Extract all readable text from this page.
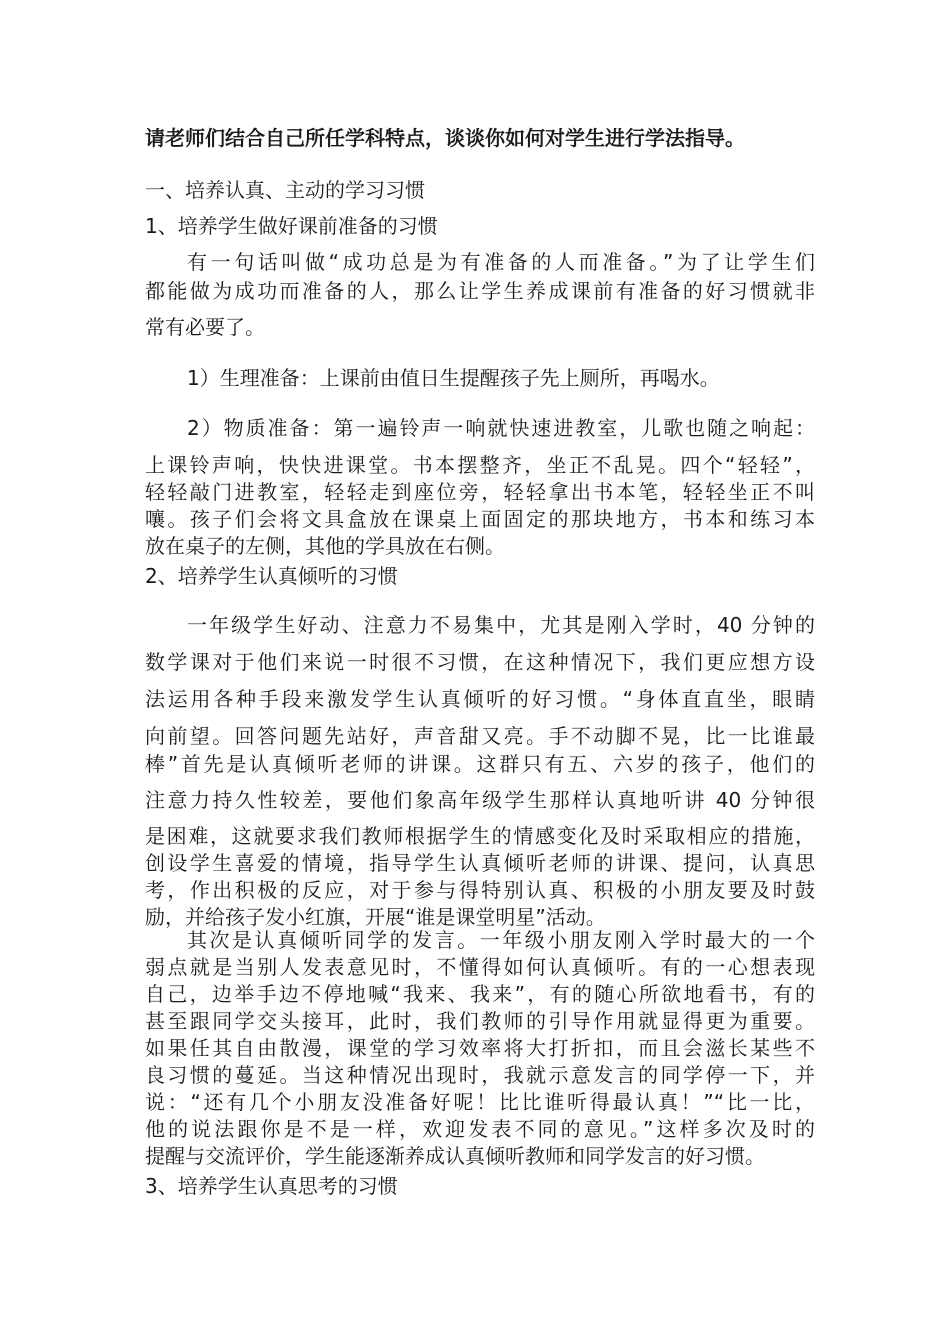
请老师们结合自己所任学科特点，谈谈你如何对学生进行学法指导。
一、培养认真、主动的学习习惯
1、培养学生做好课前准备的习惯
有一句话叫做“成功总是为有准备的人而准备。”为了让学生们
都能做为成功而准备的人，那么让学生养成课前有准备的好习惯就非
常有必要了。
1）生理准备：上课前由值日生提醒孩子先上厕所，再喝水。
2）物质准备：第一遍铃声一响就快速进教室，儿歌也随之响起：
上课铃声响，快快进课堂。书本摆整齐，坐正不乱晃。四个“轻轻”，
轻轻敲门进教室，轻轻走到座位旁，轻轻拿出书本笔，轻轻坐正不叫
嚷。孩子们会将文具盒放在课桌上面固定的那块地方，书本和练习本
放在桌子的左侧，其他的学具放在右侧。
2、培养学生认真倾听的习惯
一年级学生好动、注意力不易集中，尤其是刚入学时，40 分钟的
数学课对于他们来说一时很不习惯，在这种情况下，我们更应想方设
法运用各种手段来激发学生认真倾听的好习惯。“身体直直坐，眼睛
向前望。回答问题先站好，声音甜又亮。手不动脚不晃，比一比谁最
棒”首先是认真倾听老师的讲课。这群只有五、六岁的孩子，他们的
注意力持久性较差，要他们象高年级学生那样认真地听讲 40 分钟很
是困难，这就要求我们教师根据学生的情感变化及时采取相应的措施，
创设学生喜爱的情境，指导学生认真倾听老师的讲课、提问，认真思
考，作出积极的反应，对于参与得特别认真、积极的小朋友要及时鼓
励，并给孩子发小红旗，开展“谁是课堂明星”活动。
其次是认真倾听同学的发言。一年级小朋友刚入学时最大的一个
弱点就是当别人发表意见时，不懂得如何认真倾听。有的一心想表现
自己，边举手边不停地喊“我来、我来”，有的随心所欲地看书，有的
甚至跟同学交头接耳，此时，我们教师的引导作用就显得更为重要。
如果任其自由散漫，课堂的学习效率将大打折扣，而且会滋长某些不
良习惯的蔓延。当这种情况出现时，我就示意发言的同学停一下，并
说：“还有几个小朋友没准备好呢！比比谁听得最认真！”“比一比，
他的说法跟你是不是一样，欢迎发表不同的意见。”这样多次及时的
提醒与交流评价，学生能逐渐养成认真倾听教师和同学发言的好习惯。
3、培养学生认真思考的习惯
